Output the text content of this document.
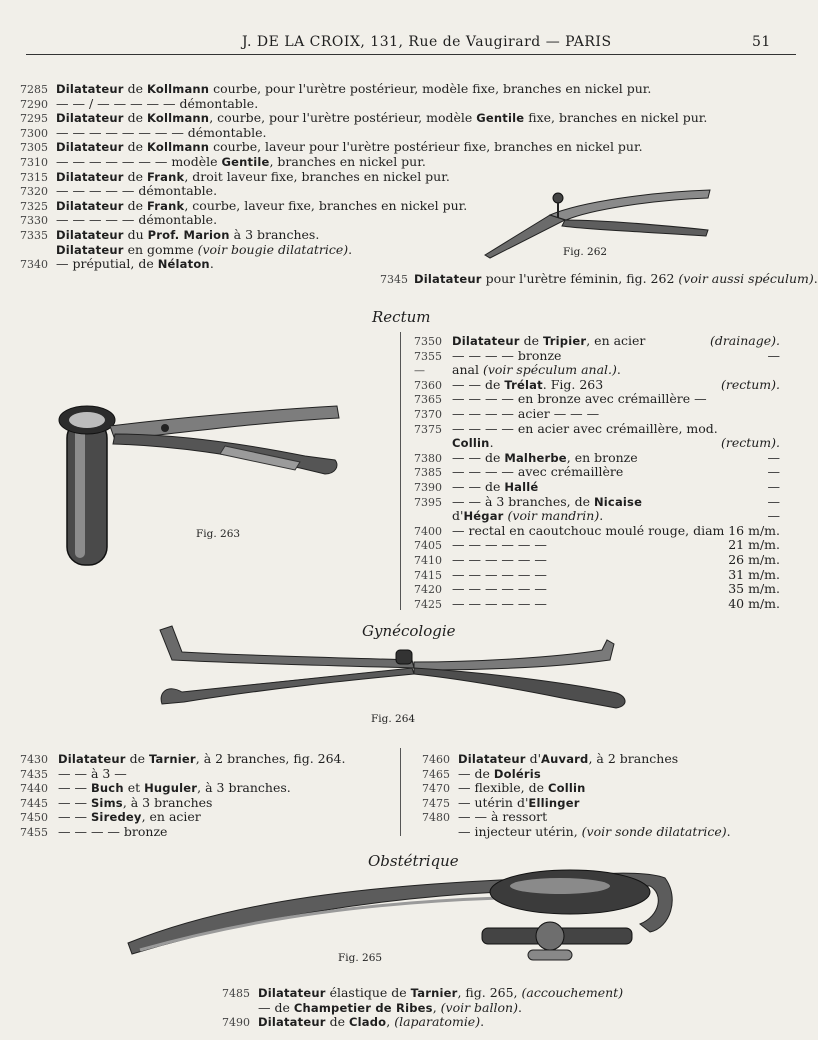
J. DE LA CROIX, 131, Rue de Vaugirard — PARIS	51
7285 Dilatateur de Kollmann courbe, pour l'urètre postérieur, modèle fixe, branches en nickel pur.
7290 — — / — — — — — démontable.
7295 Dilatateur de Kollmann, courbe, pour l'urètre postérieur, modèle Gentile fixe, branches en nickel pur.
7300 — — — — — — — — démontable.
7305 Dilatateur de Kollmann courbe, laveur pour l'urètre postérieur fixe, branches en nickel pur.
7310 — — — — — — — modèle Gentile, branches en nickel pur.
7315 Dilatateur de Frank, droit laveur fixe, branches en nickel pur.
7320 — — — — — démontable.
7325 Dilatateur de Frank, courbe, laveur fixe, branches en nickel pur.
7330 — — — — — démontable.
7335 Dilatateur du Prof. Marion à 3 branches.
Dilatateur en gomme (voir bougie dilatatrice).
7340 — préputial, de Nélaton.
Fig. 262
7345 Dilatateur pour l'urètre féminin, fig. 262 (voir aussi spéculum).
Rectum
7350 Dilatateur de Tripier, en acier	(drainage).
7355 — — — — bronze	—
— anal (voir spéculum anal.).
7360 — — de Trélat. Fig. 263	(rectum).
7365 — — — — en bronze avec crémaillère —
7370 — — — — acier — — —
7375 — — — — en acier avec crémaillère, mod.
Collin.	(rectum).
7380 — — de Malherbe, en bronze	—
7385 — — — — avec crémaillère	—
7390 — — de Hallé	—
7395 — — à 3 branches, de Nicaise	—
d'Hégar (voir mandrin).	—
7400 — rectal en caoutchouc moulé rouge, diam 16 m/m.
7405 — — — — — —	21 m/m.
7410 — — — — — —	26 m/m.
7415 — — — — — —	31 m/m.
7420 — — — — — —	35 m/m.
7425 — — — — — —	40 m/m.
Fig. 263
Gynécologie
Fig. 264
7430 Dilatateur de Tarnier, à 2 branches, fig. 264.
7435 — — à 3 —
7440 — — Buch et Huguler, à 3 branches.
7445 — — Sims, à 3 branches
7450 — — Siredey, en acier
7455 — — — — bronze
7460 Dilatateur d'Auvard, à 2 branches
7465 — de Doléris
7470 — flexible, de Collin
7475 — utérin d'Ellinger
7480 — — à ressort
— injecteur utérin, (voir sonde dilatatrice).
Obstétrique
Fig. 265
7485 Dilatateur élastique de Tarnier, fig. 265, (accouchement)
— de Champetier de Ribes, (voir ballon).
7490 Dilatateur de Clado, (laparatomie).
